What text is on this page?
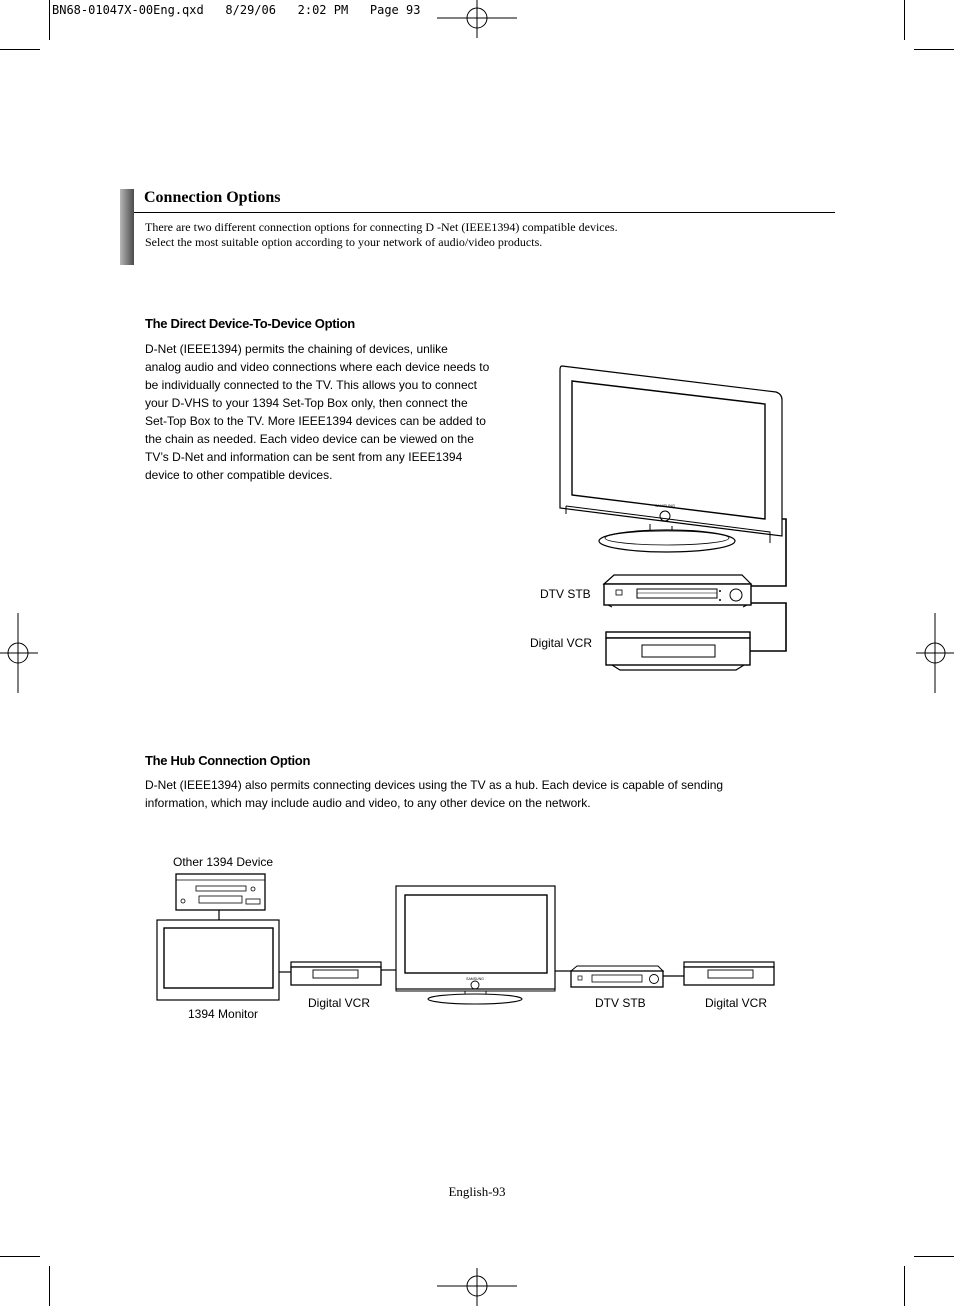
BN68-01047X-00Eng.qxd   8/29/06   2:02 PM   Page 93
Connection Options
There are two different connection options for connecting D -Net (IEEE1394) compatible devices.
Select the most suitable option according to your network of audio/video products.
The Direct Device-To-Device Option
D-Net (IEEE1394) permits the chaining of devices, unlike
analog audio and video connections where each device needs to
be individually connected to the TV. This allows you to connect
your D-VHS to your 1394 Set-Top Box only, then connect the
Set-Top Box to the TV. More IEEE1394 devices can be added to
the chain as needed. Each video device can be viewed on the
TV’s D-Net and information can be sent from any IEEE1394
device to other compatible devices.
SAMSUNG
DTV STB
Digital VCR
The Hub Connection Option
D-Net (IEEE1394) also permits connecting devices using the TV as a hub. Each device is capable of sending
information, which may include audio and video, to any other device on the network.
SAMSUNG
Other 1394 Device
1394 Monitor
Digital VCR	DTV STB	Digital VCR
English-93
